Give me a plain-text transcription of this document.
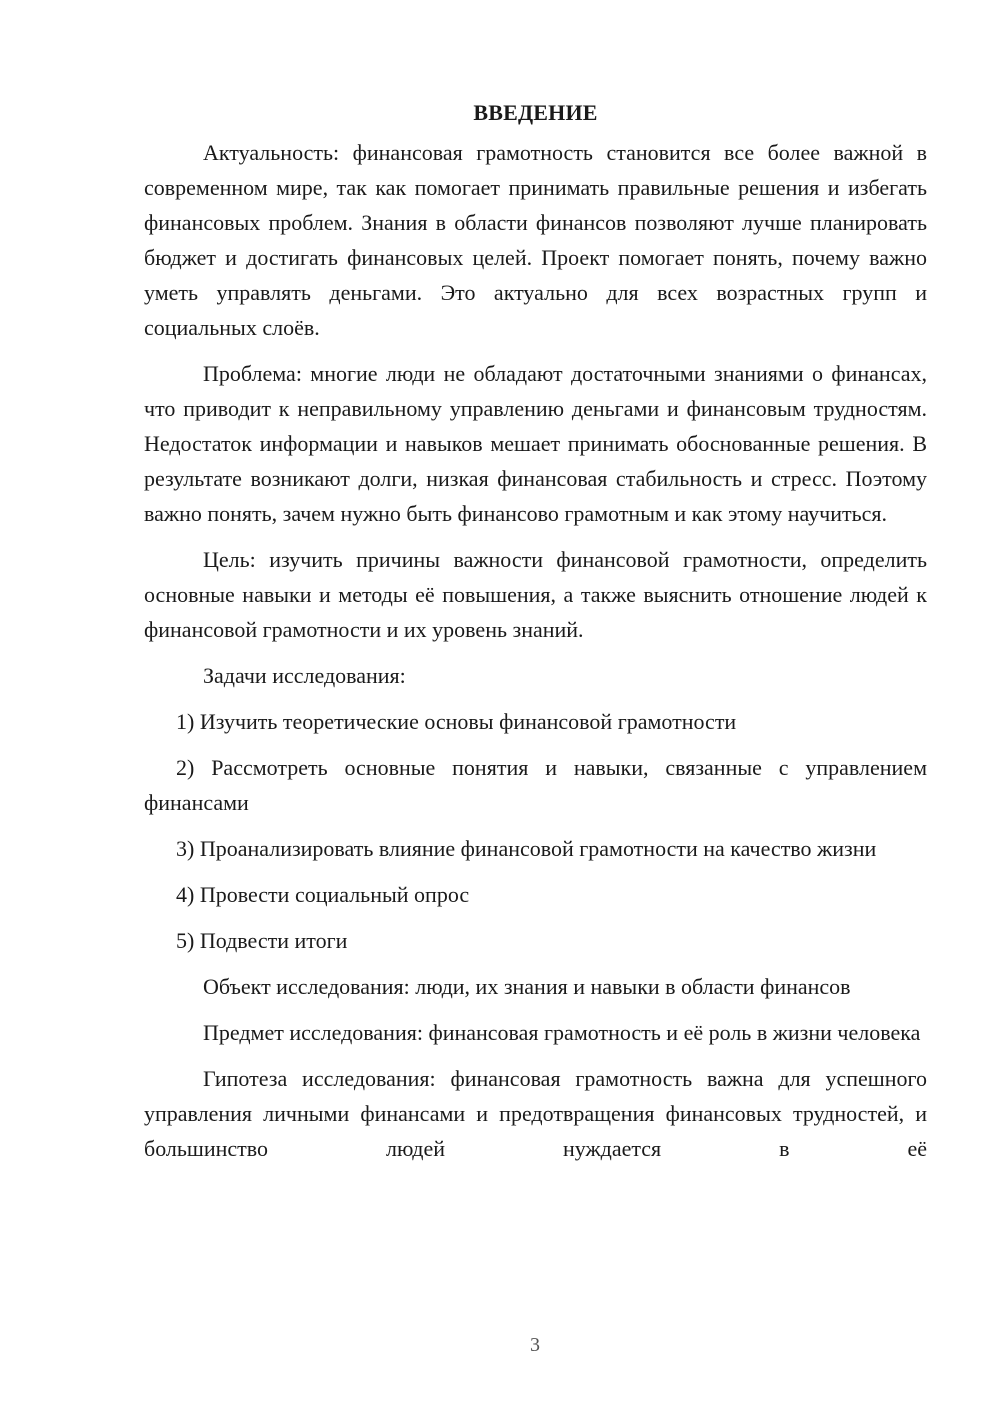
ВВЕДЕНИЕ

Актуальность: финансовая грамотность становится все более важной в современном мире, так как помогает принимать правильные решения и избегать финансовых проблем. Знания в области финансов позволяют лучше планировать бюджет и достигать финансовых целей. Проект помогает понять, почему важно уметь управлять деньгами. Это актуально для всех возрастных групп и социальных слоёв.

Проблема: многие люди не обладают достаточными знаниями о финансах, что приводит к неправильному управлению деньгами и финансовым трудностям. Недостаток информации и навыков мешает принимать обоснованные решения. В результате возникают долги, низкая финансовая стабильность и стресс. Поэтому важно понять, зачем нужно быть финансово грамотным и как этому научиться.

Цель: изучить причины важности финансовой грамотности, определить основные навыки и методы её повышения, а также выяснить отношение людей к финансовой грамотности и их уровень знаний.

Задачи исследования:

1) Изучить теоретические основы финансовой грамотности

2) Рассмотреть основные понятия и навыки, связанные с управлением финансами

3) Проанализировать влияние финансовой грамотности на качество жизни

4) Провести социальный опрос

5) Подвести итоги

Объект исследования: люди, их знания и навыки в области финансов

Предмет исследования: финансовая грамотность и её роль в жизни человека

Гипотеза исследования: финансовая грамотность важна для успешного управления личными финансами и предотвращения финансовых трудностей, и большинство людей нуждается в её

3
